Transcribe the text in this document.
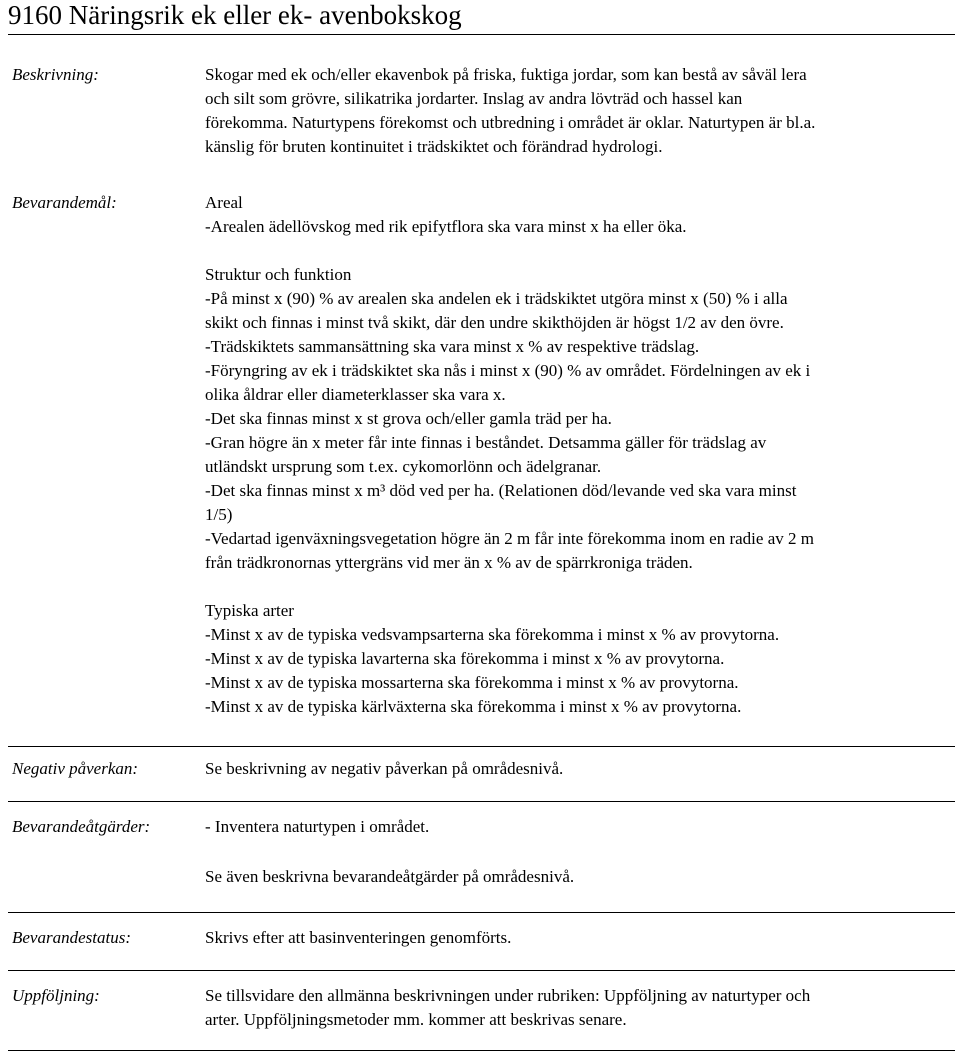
9160 Näringsrik ek eller ek- avenbokskog
Beskrivning:	Skogar med ek och/eller ekavenbok på friska, fuktiga jordar, som kan bestå av såväl lera

och silt som grövre, silikatrika jordarter. Inslag av andra lövträd och hassel kan

förekomma. Naturtypens förekomst och utbredning i området är oklar. Naturtypen är bl.a.

känslig för bruten kontinuitet i trädskiktet och förändrad hydrologi.

Bevarandemål:	Areal

-Arealen ädellövskog med rik epifytflora ska vara minst x ha eller öka.

Struktur och funktion

-På minst x (90) % av arealen ska andelen ek i trädskiktet utgöra minst x (50) % i alla

skikt och finnas i minst två skikt, där den undre skikthöjden är högst 1/2 av den övre.

-Trädskiktets sammansättning ska vara minst x % av respektive trädslag.

-Föryngring av ek i trädskiktet ska nås i minst x (90) % av området. Fördelningen av ek i

olika åldrar eller diameterklasser ska vara x.

-Det ska finnas minst x st grova och/eller gamla träd per ha.

-Gran högre än x meter får inte finnas i beståndet. Detsamma gäller för trädslag av

utländskt ursprung som t.ex. cykomorlönn och ädelgranar.

-Det ska finnas minst x m³ död ved per ha. (Relationen död/levande ved ska vara minst

1/5)

-Vedartad igenväxningsvegetation högre än 2 m får inte förekomma inom en radie av 2 m

från trädkronornas yttergräns vid mer än x % av de spärrkroniga träden.

Typiska arter

-Minst x av de typiska vedsvampsarterna ska förekomma i minst x % av provytorna.

-Minst x av de typiska lavarterna ska förekomma i minst x % av provytorna.

-Minst x av de typiska mossarterna ska förekomma i minst x % av provytorna.

-Minst x av de typiska kärlväxterna ska förekomma i minst x % av provytorna.

Negativ påverkan:	Se beskrivning av negativ påverkan på områdesnivå.

Bevarandeåtgärder:	- Inventera naturtypen i området.

Se även beskrivna bevarandeåtgärder på områdesnivå.

Bevarandestatus:	Skrivs efter att basinventeringen genomförts.

Uppföljning:	Se tillsvidare den allmänna beskrivningen under rubriken: Uppföljning av naturtyper och

arter. Uppföljningsmetoder mm. kommer att beskrivas senare.
